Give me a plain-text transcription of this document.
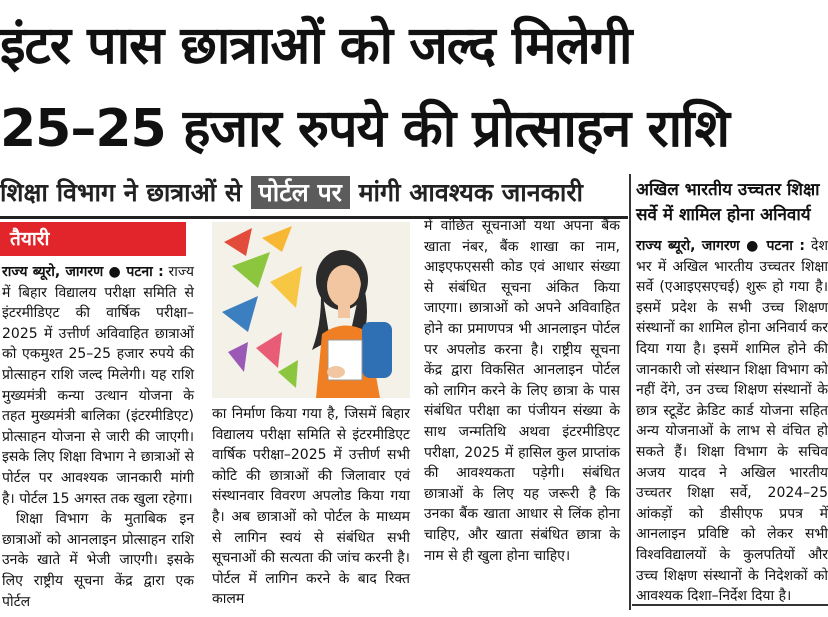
इंटर पास छात्राओं को जल्द मिलेगी
25–25 हजार रुपये की प्रोत्साहन राशि
शिक्षा विभाग ने छात्राओं से पोर्टल पर मांगी आवश्यक जानकारी
तैयारी

राज्य ब्यूरो, जागरण ● पटना : राज्य में बिहार विद्यालय परीक्षा समिति से इंटरमीडिएट की वार्षिक परीक्षा–2025 में उत्तीर्ण अविवाहित छात्राओं को एकमुश्त 25–25 हजार रुपये की प्रोत्साहन राशि जल्द मिलेगी। यह राशि मुख्यमंत्री कन्या उत्थान योजना के तहत मुख्यमंत्री बालिका (इंटरमीडिएट) प्रोत्साहन योजना से जारी की जाएगी। इसके लिए शिक्षा विभाग ने छात्राओं से पोर्टल पर आवश्यक जानकारी मांगी है। पोर्टल 15 अगस्त तक खुला रहेगा।

शिक्षा विभाग के मुताबिक इन छात्राओं को आनलाइन प्रोत्साहन राशि उनके खाते में भेजी जाएगी। इसके लिए राष्ट्रीय सूचना केंद्र द्वारा एक पोर्टल

का निर्माण किया गया है, जिसमें बिहार विद्यालय परीक्षा समिति से इंटरमीडिएट वार्षिक परीक्षा–2025 में उत्तीर्ण सभी कोटि की छात्राओं की जिलावार एवं संस्थानवार विवरण अपलोड किया गया है। अब छात्राओं को पोर्टल के माध्यम से लागिन स्वयं से संबंधित सभी सूचनाओं की सत्यता की जांच करनी है। पोर्टल में लागिन करने के बाद रिक्त कालम

में वांछित सूचनाओं यथा अपना बैंक खाता नंबर, बैंक शाखा का नाम, आइएफएससी कोड एवं आधार संख्या से संबंधित सूचना अंकित किया जाएगा। छात्राओं को अपने अविवाहित होने का प्रमाणपत्र भी आनलाइन पोर्टल पर अपलोड करना है। राष्ट्रीय सूचना केंद्र द्वारा विकसित आनलाइन पोर्टल को लागिन करने के लिए छात्रा के पास संबंधित परीक्षा का पंजीयन संख्या के साथ जन्मतिथि अथवा इंटरमीडिएट परीक्षा, 2025 में हासिल कुल प्राप्तांक की आवश्यकता पड़ेगी। संबंधित छात्राओं के लिए यह जरूरी है कि उनका बैंक खाता आधार से लिंक होना चाहिए, और खाता संबंधित छात्रा के नाम से ही खुला होना चाहिए।

अखिल भारतीय उच्चतर शिक्षा सर्वे में शामिल होना अनिवार्य

राज्य ब्यूरो, जागरण ● पटना : देश भर में अखिल भारतीय उच्चतर शिक्षा सर्वे (एआइएसएचई) शुरू हो गया है। इसमें प्रदेश के सभी उच्च शिक्षण संस्थानों का शामिल होना अनिवार्य कर दिया गया है। इसमें शामिल होने की जानकारी जो संस्थान शिक्षा विभाग को नहीं देंगे, उन उच्च शिक्षण संस्थानों के छात्र स्टूडेंट क्रेडिट कार्ड योजना सहित अन्य योजनाओं के लाभ से वंचित हो सकते हैं। शिक्षा विभाग के सचिव अजय यादव ने अखिल भारतीय उच्चतर शिक्षा सर्वे, 2024–25 आंकड़ों को डीसीएफ प्रपत्र में आनलाइन प्रविष्टि को लेकर सभी विश्वविद्यालयों के कुलपतियों और उच्च शिक्षण संस्थानों के निदेशकों को आवश्यक दिशा–निर्देश दिया है।
